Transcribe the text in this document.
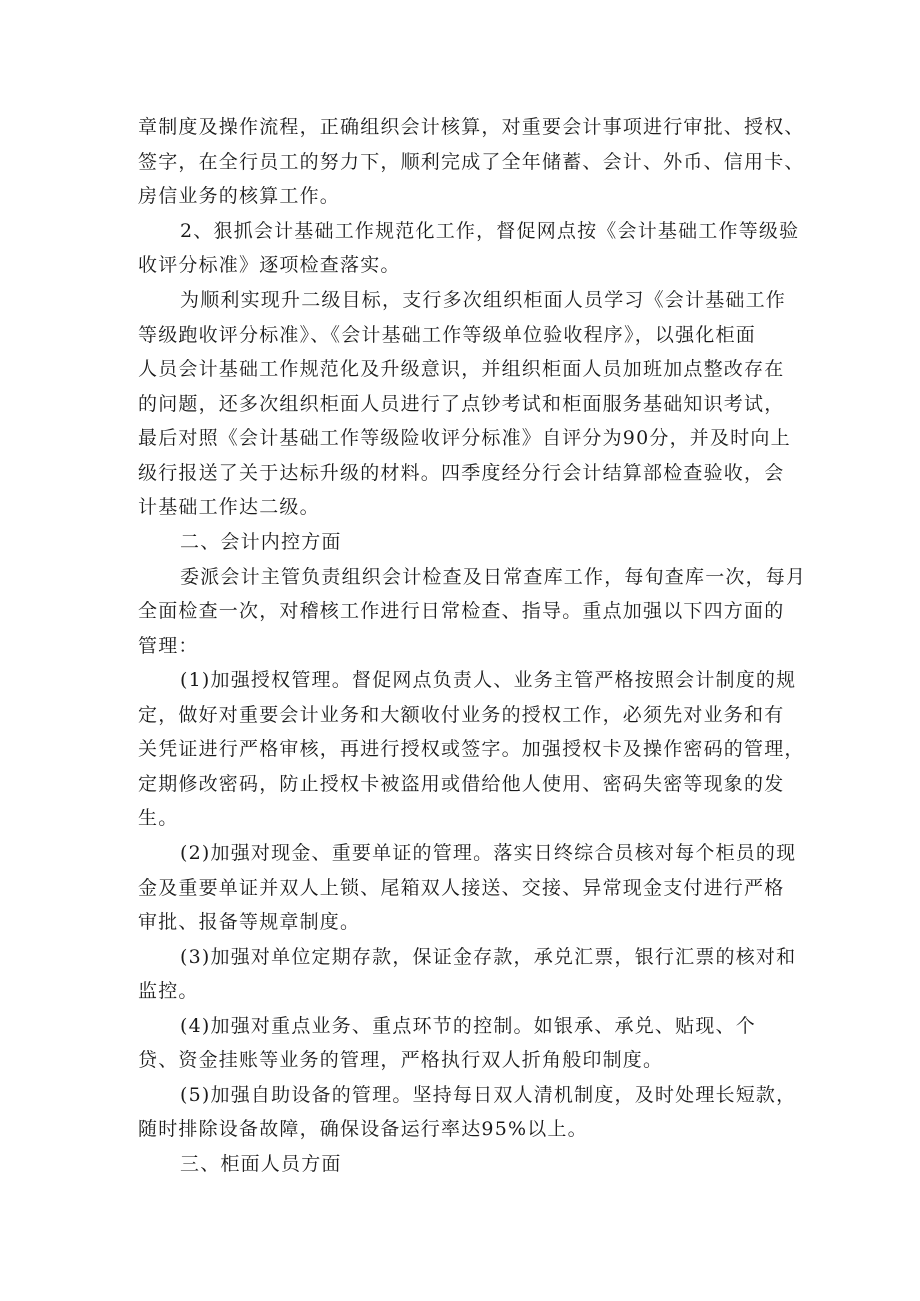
章制度及操作流程，正确组织会计核算，对重要会计事项进行审批、授权、
签字，在全行员工的努力下，顺利完成了全年储蓄、会计、外币、信用卡、
房信业务的核算工作。
2、狠抓会计基础工作规范化工作，督促网点按《会计基础工作等级验
收评分标准》逐项检查落实。
为顺利实现升二级目标，支行多次组织柜面人员学习《会计基础工作
等级跑收评分标准》、《会计基础工作等级单位验收程序》，以强化柜面
人员会计基础工作规范化及升级意识，并组织柜面人员加班加点整改存在
的问题，还多次组织柜面人员进行了点钞考试和柜面服务基础知识考试，
最后对照《会计基础工作等级险收评分标准》自评分为90分，并及时向上
级行报送了关于达标升级的材料。四季度经分行会计结算部检查验收，会
计基础工作达二级。
二、会计内控方面
委派会计主管负责组织会计检查及日常查库工作，每旬查库一次，每月
全面检查一次，对稽核工作进行日常检查、指导。重点加强以下四方面的
管理：
(1)加强授权管理。督促网点负责人、业务主管严格按照会计制度的规
定，做好对重要会计业务和大额收付业务的授权工作，必须先对业务和有
关凭证进行严格审核，再进行授权或签字。加强授权卡及操作密码的管理，
定期修改密码，防止授权卡被盗用或借给他人使用、密码失密等现象的发
生。
(2)加强对现金、重要单证的管理。落实日终综合员核对每个柜员的现
金及重要单证并双人上锁、尾箱双人接送、交接、异常现金支付进行严格
审批、报备等规章制度。
(3)加强对单位定期存款，保证金存款，承兑汇票，银行汇票的核对和
监控。
(4)加强对重点业务、重点环节的控制。如银承、承兑、贴现、个
贷、资金挂账等业务的管理，严格执行双人折角般印制度。
(5)加强自助设备的管理。坚持每日双人清机制度，及时处理长短款，
随时排除设备故障，确保设备运行率达95%以上。
三、柜面人员方面
